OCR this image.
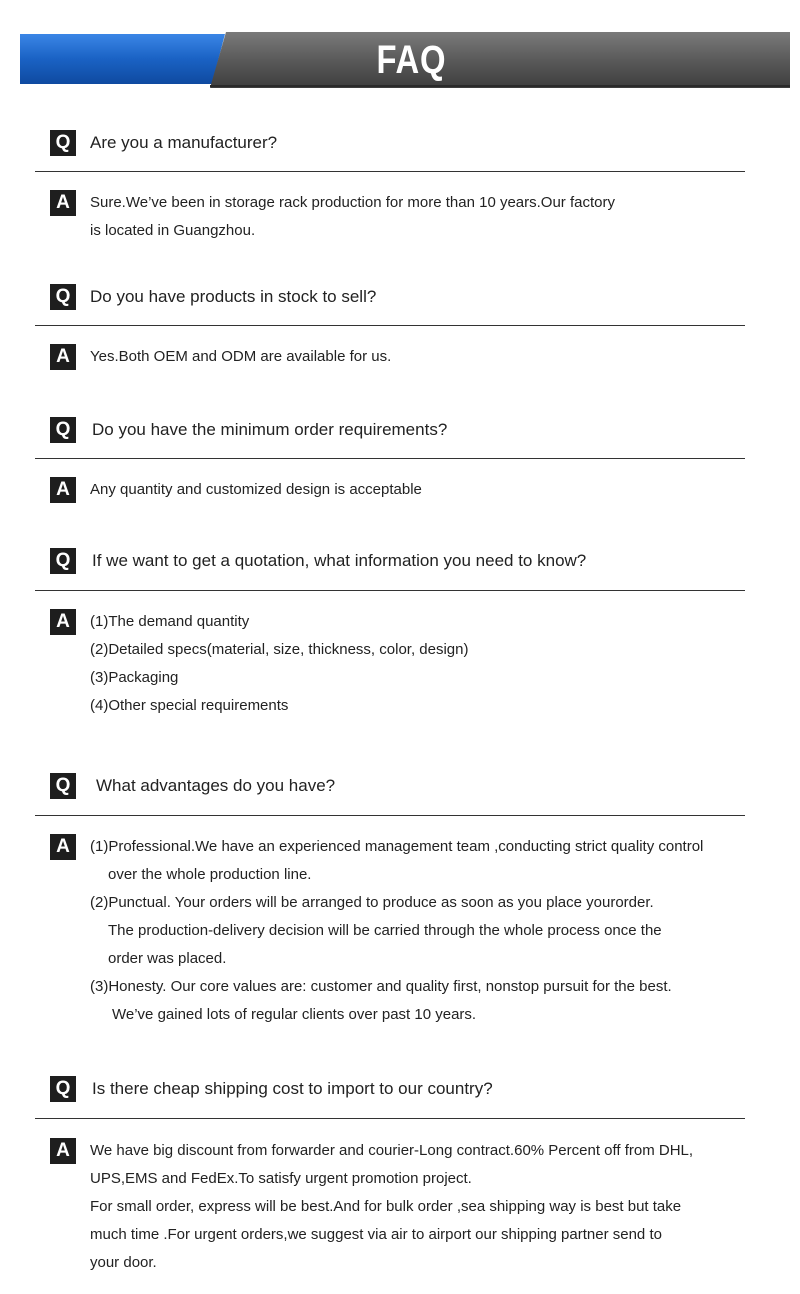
FAQ
Q	Are you a manufacturer?
A	Sure.We’ve been in storage rack production for more than 10 years.Our factory
is located in Guangzhou.
Q	Do you have products in stock to sell?
A	Yes.Both OEM and ODM are available for us.
Q	Do you have the minimum order requirements?
A	Any quantity and customized design is acceptable
Q	If we want to get a quotation, what information you need to know?
A	(1)The demand quantity
(2)Detailed specs(material, size, thickness, color, design)
(3)Packaging
(4)Other special requirements
Q	What advantages do you have?
A	(1)Professional.We have an experienced management team ,conducting strict quality control
over the whole production line.
(2)Punctual. Your orders will be arranged to produce as soon as you place yourorder.
The production-delivery decision will be carried through the whole process once the
order was placed.
(3)Honesty. Our core values are: customer and quality first, nonstop pursuit for the best.
We’ve gained lots of regular clients over past 10 years.
Q	Is there cheap shipping cost to import to our country?
A	We have big discount from forwarder and courier-Long contract.60% Percent off from DHL,
UPS,EMS and FedEx.To satisfy urgent promotion project.
For small order, express will be best.And for bulk order ,sea shipping way is best but take
much time .For urgent orders,we suggest via air to airport our shipping partner send to
your door.
